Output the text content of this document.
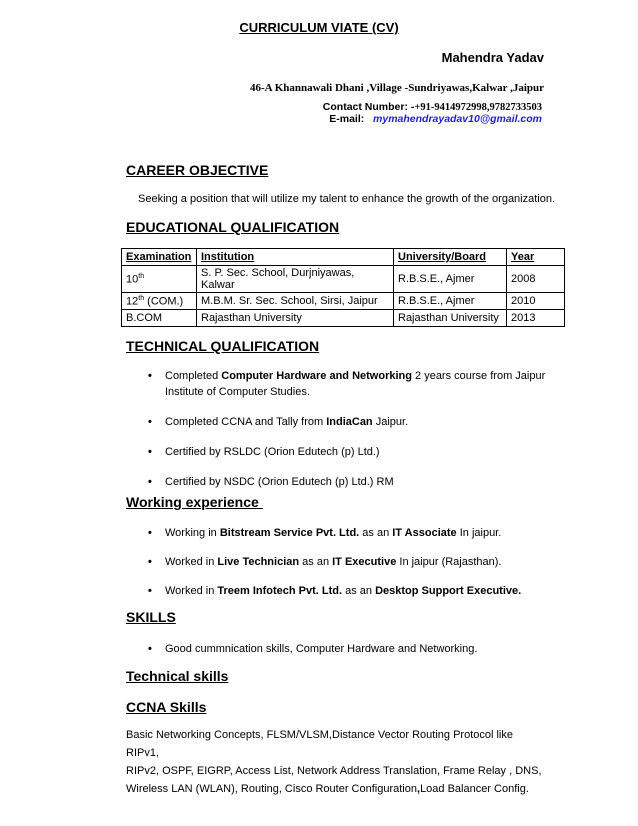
CURRICULUM VIATE (CV)
Mahendra Yadav
46-A Khannawali Dhani ,Village -Sundriyawas,Kalwar ,Jaipur
Contact Number: -+91-9414972998,9782733503
E-mail: mymahendrayadav10@gmail.com
CAREER OBJECTIVE
Seeking a position that will utilize my talent to enhance the growth of the organization.
EDUCATIONAL QUALIFICATION
Examination	Institution	University/Board	Year
10th	S. P. Sec. School, Durjniyawas, Kalwar	R.B.S.E., Ajmer	2008
12th (COM.)	M.B.M. Sr. Sec. School, Sirsi, Jaipur	R.B.S.E., Ajmer	2010
B.COM	Rajasthan University	Rajasthan University	2013
TECHNICAL QUALIFICATION
• Completed Computer Hardware and Networking 2 years course from Jaipur
Institute of Computer Studies.
• Completed CCNA and Tally from IndiaCan Jaipur.
• Certified by RSLDC (Orion Edutech (p) Ltd.)
• Certified by NSDC (Orion Edutech (p) Ltd.) RM
Working experience
• Working in Bitstream Service Pvt. Ltd. as an IT Associate In jaipur.
• Worked in Live Technician as an IT Executive In jaipur (Rajasthan).
• Worked in Treem Infotech Pvt. Ltd. as an Desktop Support Executive.
SKILLS
• Good cummnication skills, Computer Hardware and Networking.
Technical skills
CCNA Skills
Basic Networking Concepts, FLSM/VLSM,Distance Vector Routing Protocol like RIPv1,
RIPv2, OSPF, EIGRP, Access List, Network Address Translation, Frame Relay , DNS,
Wireless LAN (WLAN), Routing, Cisco Router Configuration,Load Balancer Config.
